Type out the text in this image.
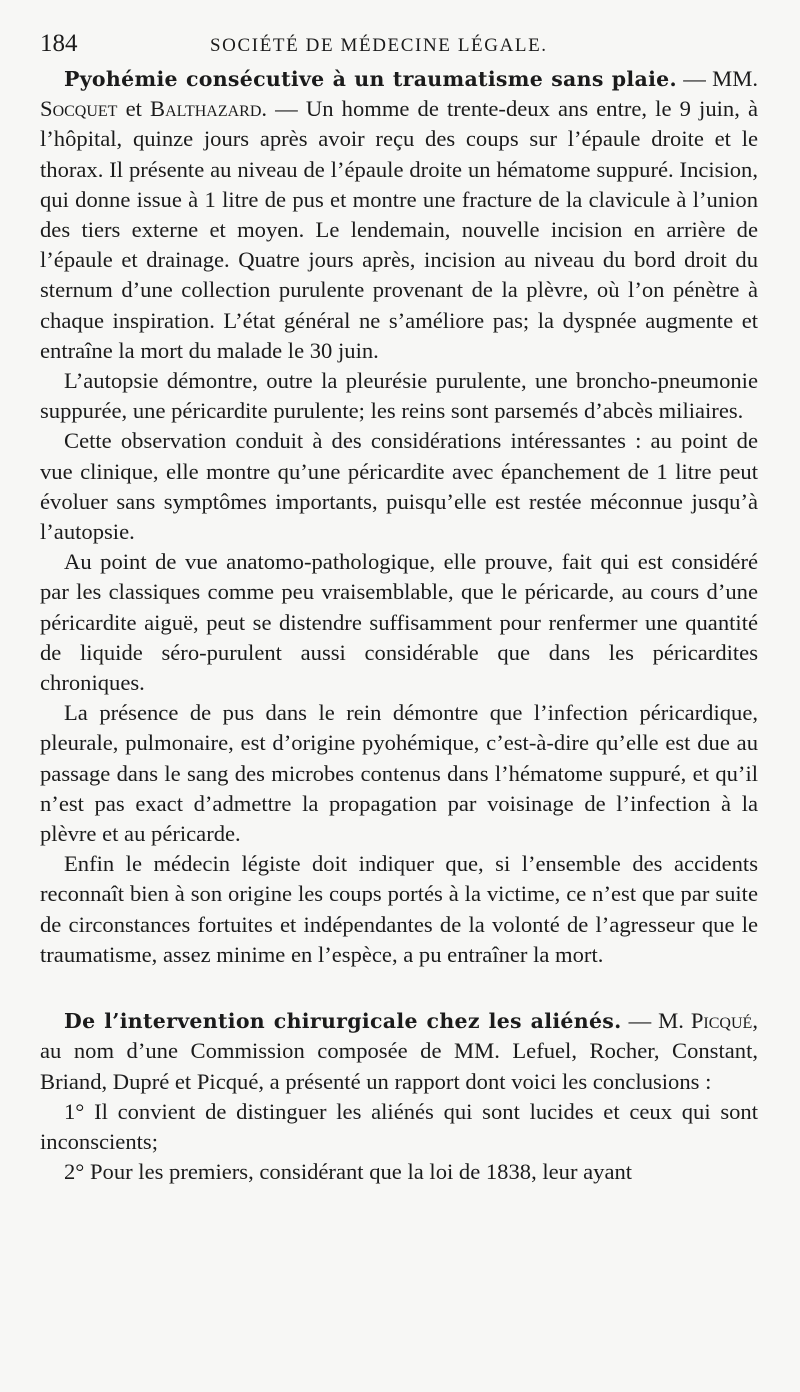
184	SOCIÉTÉ DE MÉDECINE LÉGALE.

Pyohémie consécutive à un traumatisme sans plaie. — MM. Socquet et Balthazard. — Un homme de trente-deux ans entre, le 9 juin, à l’hôpital, quinze jours après avoir reçu des coups sur l’épaule droite et le thorax. Il présente au niveau de l’épaule droite un hématome suppuré. Incision, qui donne issue à 1 litre de pus et montre une fracture de la clavicule à l’union des tiers externe et moyen. Le lendemain, nouvelle incision en arrière de l’épaule et drainage. Quatre jours après, incision au niveau du bord droit du sternum d’une collection purulente provenant de la plèvre, où l’on pénètre à chaque inspiration. L’état général ne s’améliore pas; la dyspnée augmente et entraîne la mort du malade le 30 juin.

L’autopsie démontre, outre la pleurésie purulente, une broncho-pneumonie suppurée, une péricardite purulente; les reins sont parsemés d’abcès miliaires.

Cette observation conduit à des considérations intéressantes : au point de vue clinique, elle montre qu’une péricardite avec épanchement de 1 litre peut évoluer sans symptômes importants, puisqu’elle est restée méconnue jusqu’à l’autopsie.

Au point de vue anatomo-pathologique, elle prouve, fait qui est considéré par les classiques comme peu vraisemblable, que le péricarde, au cours d’une péricardite aiguë, peut se distendre suffisamment pour renfermer une quantité de liquide séro-purulent aussi considérable que dans les péricardites chroniques.

La présence de pus dans le rein démontre que l’infection péricardique, pleurale, pulmonaire, est d’origine pyohémique, c’est-à-dire qu’elle est due au passage dans le sang des microbes contenus dans l’hématome suppuré, et qu’il n’est pas exact d’admettre la propagation par voisinage de l’infection à la plèvre et au péricarde.

Enfin le médecin légiste doit indiquer que, si l’ensemble des accidents reconnaît bien à son origine les coups portés à la victime, ce n’est que par suite de circonstances fortuites et indépendantes de la volonté de l’agresseur que le traumatisme, assez minime en l’espèce, a pu entraîner la mort.

De l’intervention chirurgicale chez les aliénés. — M. Picqué, au nom d’une Commission composée de MM. Lefuel, Rocher, Constant, Briand, Dupré et Picqué, a présenté un rapport dont voici les conclusions :

1° Il convient de distinguer les aliénés qui sont lucides et ceux qui sont inconscients;

2° Pour les premiers, considérant que la loi de 1838, leur ayant
